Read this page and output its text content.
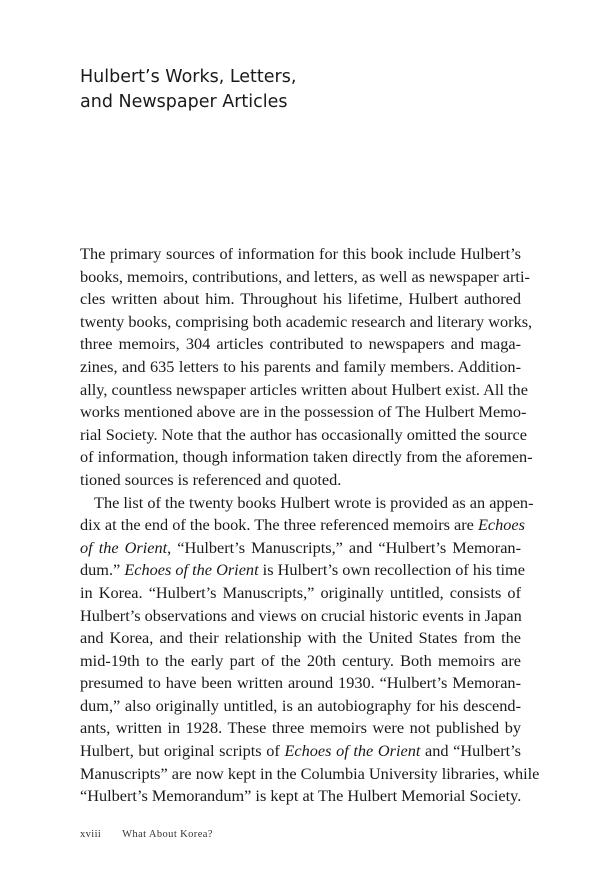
Hulbert’s Works, Letters,
and Newspaper Articles

The primary sources of information for this book include Hulbert’s
books, memoirs, contributions, and letters, as well as newspaper arti-
cles written about him. Throughout his lifetime, Hulbert authored
twenty books, comprising both academic research and literary works,
three memoirs, 304 articles contributed to newspapers and maga-
zines, and 635 letters to his parents and family members. Addition-
ally, countless newspaper articles written about Hulbert exist. All the
works mentioned above are in the possession of The Hulbert Memo-
rial Society. Note that the author has occasionally omitted the source
of information, though information taken directly from the aforemen-
tioned sources is referenced and quoted.

The list of the twenty books Hulbert wrote is provided as an appen-
dix at the end of the book. The three referenced memoirs are Echoes
of the Orient, “Hulbert’s Manuscripts,” and “Hulbert’s Memoran-
dum.” Echoes of the Orient is Hulbert’s own recollection of his time
in Korea. “Hulbert’s Manuscripts,” originally untitled, consists of
Hulbert’s observations and views on crucial historic events in Japan
and Korea, and their relationship with the United States from the
mid-19th to the early part of the 20th century. Both memoirs are
presumed to have been written around 1930. “Hulbert’s Memoran-
dum,” also originally untitled, is an autobiography for his descend-
ants, written in 1928. These three memoirs were not published by
Hulbert, but original scripts of Echoes of the Orient and “Hulbert’s
Manuscripts” are now kept in the Columbia University libraries, while
“Hulbert’s Memorandum” is kept at The Hulbert Memorial Society.

xviii What About Korea?
